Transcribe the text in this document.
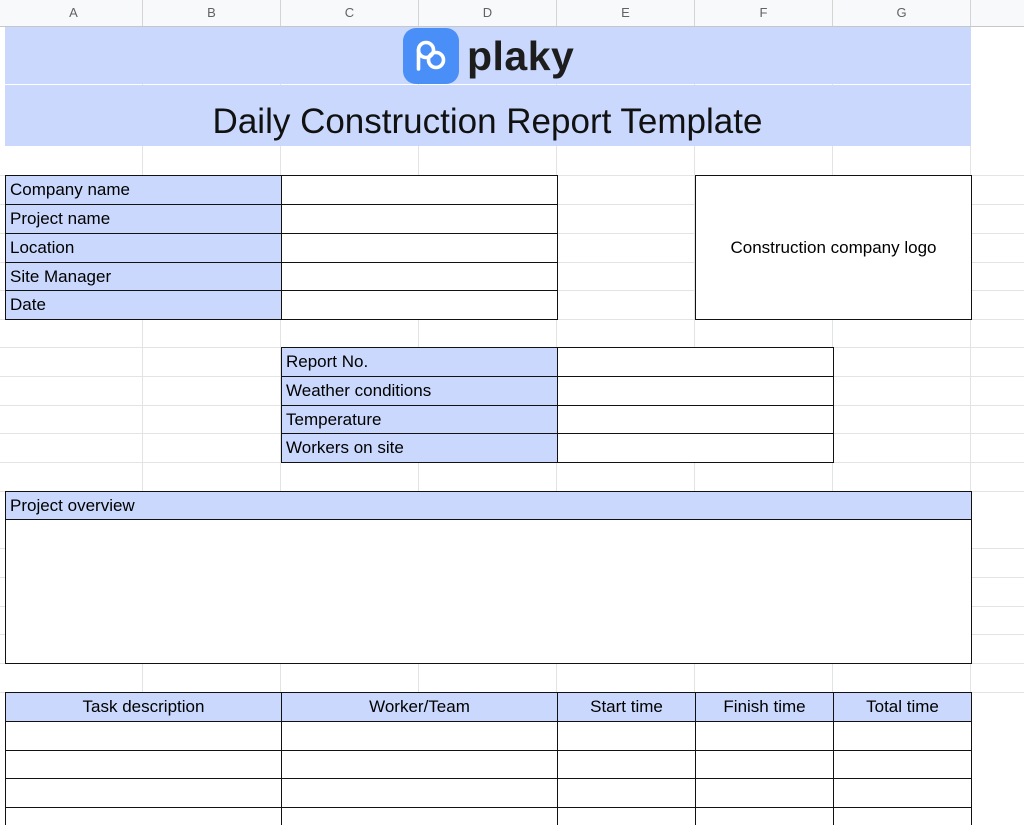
A	B	C	D	E	F	G
plaky
Daily Construction Report Template
Company name
Project name
Location
Site Manager
Date
Construction company logo
Report No.
Weather conditions
Temperature
Workers on site
Project overview
Task description	Worker/Team	Start time	Finish time	Total time
